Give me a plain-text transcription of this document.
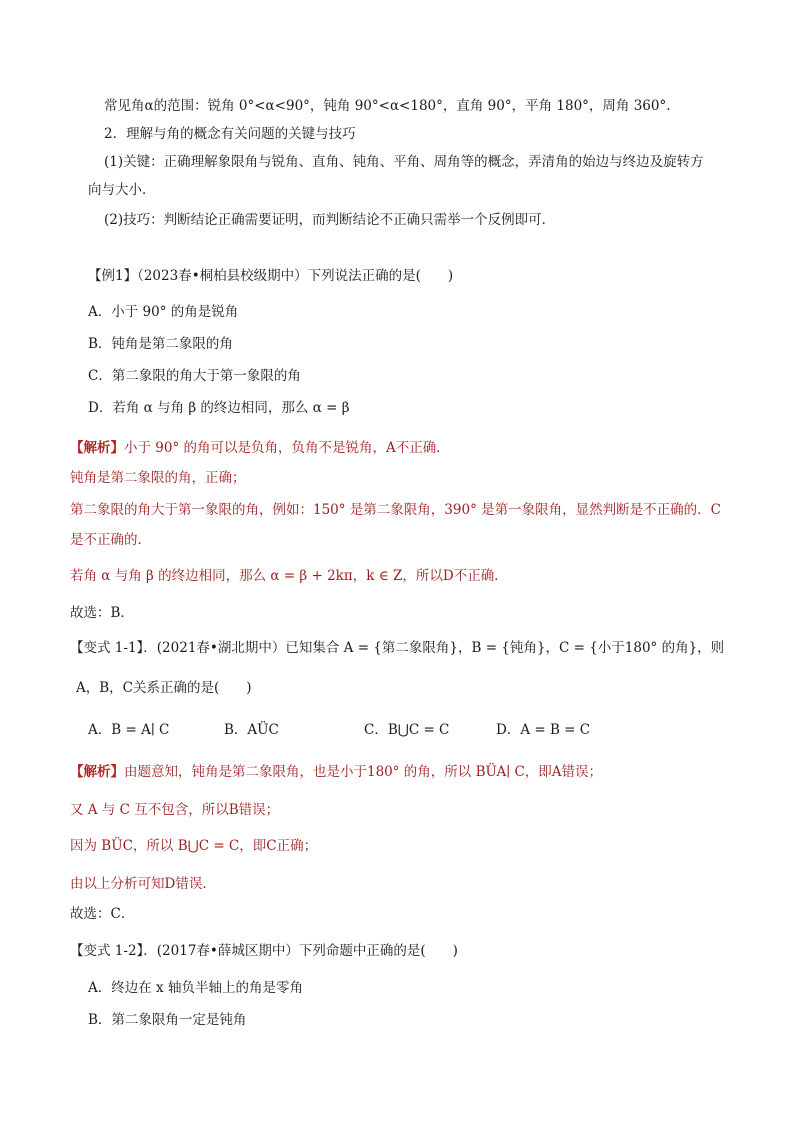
常见角α的范围：锐角 0°<α<90°，钝角 90°<α<180°，直角 90°，平角 180°，周角 360°.
2．理解与角的概念有关问题的关键与技巧
(1)关键：正确理解象限角与锐角、直角、钝角、平角、周角等的概念，弄清角的始边与终边及旋转方
向与大小．
(2)技巧：判断结论正确需要证明，而判断结论不正确只需举一个反例即可．
【例1】（2023春•桐柏县校级期中）下列说法正确的是(　　)
A．小于 90° 的角是锐角
B．钝角是第二象限的角
C．第二象限的角大于第一象限的角
D．若角 α 与角 β 的终边相同，那么 α = β
【解析】小于 90° 的角可以是负角，负角不是锐角，A不正确．
钝角是第二象限的角，正确；
第二象限的角大于第一象限的角，例如：150° 是第二象限角，390° 是第一象限角，显然判断是不正确的．C
是不正确的．
若角 α 与角 β 的终边相同，那么 α = β + 2kπ，k ∈ Z，所以D不正确．
故选：B．
【变式 1-1】．(2021春•湖北期中）已知集合 A = {第二象限角}，B = {钝角}，C = {小于180° 的角}，则
A，B，C关系正确的是(　　)
A．B = A∣ C	B．AÜC	C．B⋃C = C	D．A = B = C
【解析】由题意知，钝角是第二象限角，也是小于180° 的角，所以 BÜA∣ C，即A错误；
又 A 与 C 互不包含，所以B错误；
因为 BÜC，所以 B⋃C = C，即C正确；
由以上分析可知D错误．
故选：C．
【变式 1-2】．(2017春•薛城区期中）下列命题中正确的是(　　)
A．终边在 x 轴负半轴上的角是零角
B．第二象限角一定是钝角
